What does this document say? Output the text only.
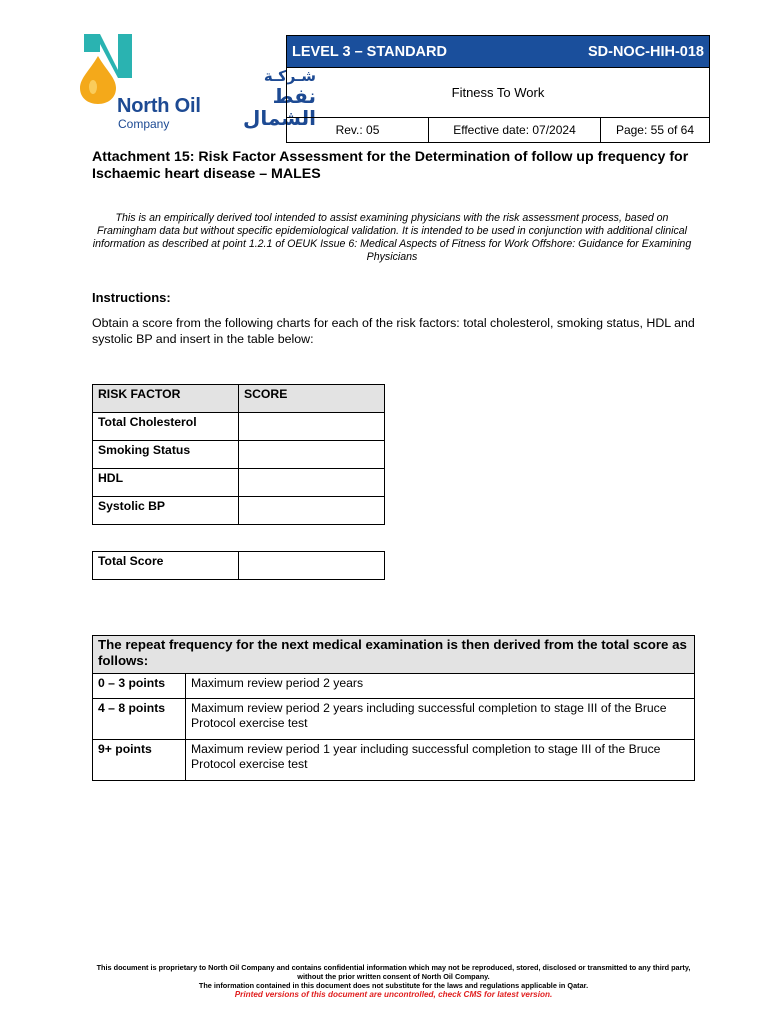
شـركـة
نفط الشمال
North Oil
Company
LEVEL 3 – STANDARD	SD-NOC-HIH-018
Fitness To Work
Rev.: 05	Effective date: 07/2024	Page: 55 of 64
Attachment 15: Risk Factor Assessment for the Determination of follow up frequency for Ischaemic heart disease – MALES
This is an empirically derived tool intended to assist examining physicians with the risk assessment process, based on Framingham data but without specific epidemiological validation. It is intended to be used in conjunction with additional clinical information as described at point 1.2.1 of OEUK Issue 6: Medical Aspects of Fitness for Work Offshore: Guidance for Examining Physicians
Instructions:
Obtain a score from the following charts for each of the risk factors: total cholesterol, smoking status, HDL and systolic BP and insert in the table below:
RISK FACTOR	SCORE
Total Cholesterol	
Smoking Status	
HDL	
Systolic BP	
Total Score	
The repeat frequency for the next medical examination is then derived from the total score as follows:	
0 – 3 points	Maximum review period 2 years
4 – 8 points	Maximum review period 2 years including successful completion to stage III of the Bruce Protocol exercise test
9+ points	Maximum review period 1 year including successful completion to stage III of the Bruce Protocol exercise test
This document is proprietary to North Oil Company and contains confidential information which may not be reproduced, stored, disclosed or transmitted to any third party, without the prior written consent of North Oil Company.
The information contained in this document does not substitute for the laws and regulations applicable in Qatar.
Printed versions of this document are uncontrolled, check CMS for latest version.
